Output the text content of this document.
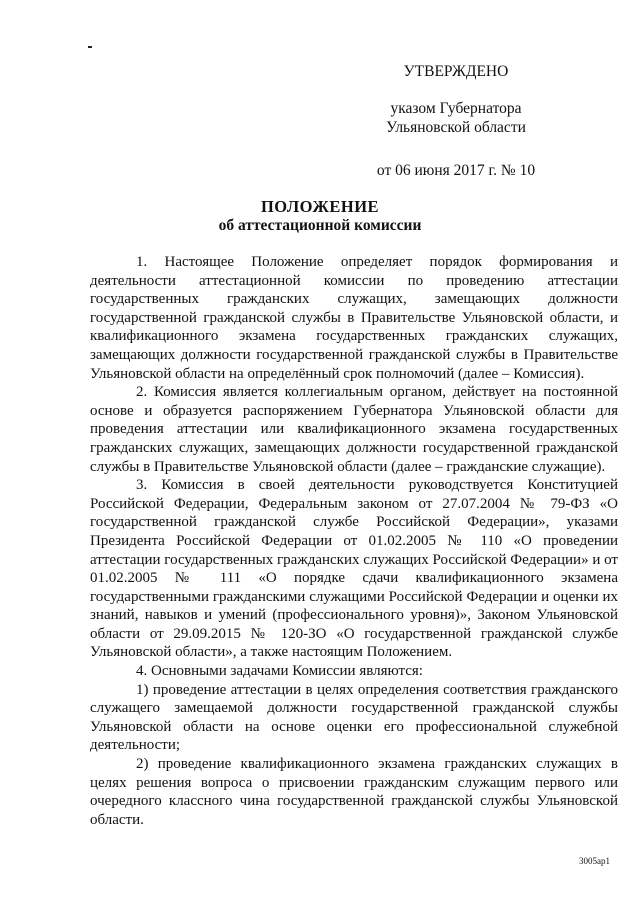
УТВЕРЖДЕНО
указом Губернатора
Ульяновской области
от 06 июня 2017 г. № 10
ПОЛОЖЕНИЕ
об аттестационной комиссии

1. Настоящее Положение определяет порядок формирования и деятельности аттестационной комиссии по проведению аттестации государственных гражданских служащих, замещающих должности государственной гражданской службы в Правительстве Ульяновской области, и квалификационного экзамена государственных гражданских служащих, замещающих должности государственной гражданской службы в Правительстве Ульяновской области на определённый срок полномочий (далее – Комиссия).

2. Комиссия является коллегиальным органом, действует на постоянной основе и образуется распоряжением Губернатора Ульяновской области для проведения аттестации или квалификационного экзамена государственных гражданских служащих, замещающих должности государственной гражданской службы в Правительстве Ульяновской области (далее – гражданские служащие).

3. Комиссия в своей деятельности руководствуется Конституцией Российской Федерации, Федеральным законом от 27.07.2004 № 79-ФЗ «О государственной гражданской службе Российской Федерации», указами Президента Российской Федерации от 01.02.2005 № 110 «О проведении аттестации государственных гражданских служащих Российской Федерации» и от 01.02.2005 № 111 «О порядке сдачи квалификационного экзамена государственными гражданскими служащими Российской Федерации и оценки их знаний, навыков и умений (профессионального уровня)», Законом Ульяновской области от 29.09.2015 № 120-ЗО «О государственной гражданской службе Ульяновской области», а также настоящим Положением.

4. Основными задачами Комиссии являются:

1) проведение аттестации в целях определения соответствия гражданского служащего замещаемой должности государственной гражданской службы Ульяновской области на основе оценки его профессиональной служебной деятельности;

2) проведение квалификационного экзамена гражданских служащих в целях решения вопроса о присвоении гражданским служащим первого или очередного классного чина государственной гражданской службы Ульяновской области.

3005ap1
